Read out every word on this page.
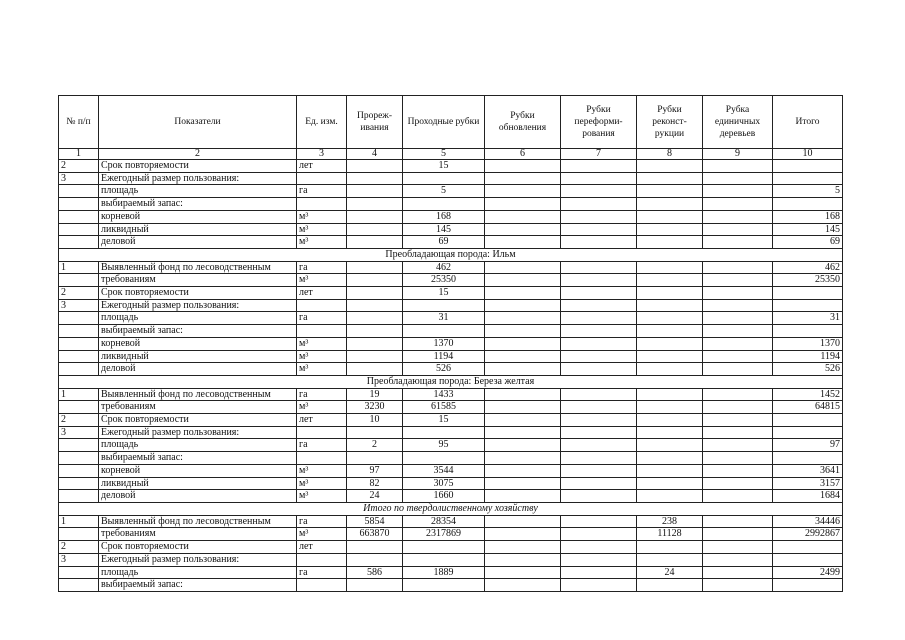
№ п/п	Показатели	Ед. изм.	Прореж-ивания	Проходные рубки	Рубки обновления	Рубки переформи-рования	Рубки реконст-рукции	Рубка единичных деревьев	Итого
1	2	3	4	5	6	7	8	9	10
2	Срок повторяемости	лет		15					
3	Ежегодный размер пользования:								
	площадь	га		5					5
	выбираемый запас:								
	корневой	м³		168					168
	ликвидный	м³		145					145
	деловой	м³		69					69
Преобладающая порода: Ильм									
1	Выявленный фонд по лесоводственным	га		462					462
	требованиям	м³		25350					25350
2	Срок повторяемости	лет		15					
3	Ежегодный размер пользования:								
	площадь	га		31					31
	выбираемый запас:								
	корневой	м³		1370					1370
	ликвидный	м³		1194					1194
	деловой	м³		526					526
Преобладающая порода: Береза желтая									
1	Выявленный фонд по лесоводственным	га	19	1433					1452
	требованиям	м³	3230	61585					64815
2	Срок повторяемости	лет	10	15					
3	Ежегодный размер пользования:								
	площадь	га	2	95					97
	выбираемый запас:								
	корневой	м³	97	3544					3641
	ликвидный	м³	82	3075					3157
	деловой	м³	24	1660					1684
Итого по твердолиственному хозяйству									
1	Выявленный фонд по лесоводственным	га	5854	28354			238		34446
	требованиям	м³	663870	2317869			11128		2992867
2	Срок повторяемости	лет							
3	Ежегодный размер пользования:								
	площадь	га	586	1889			24		2499
	выбираемый запас:								
